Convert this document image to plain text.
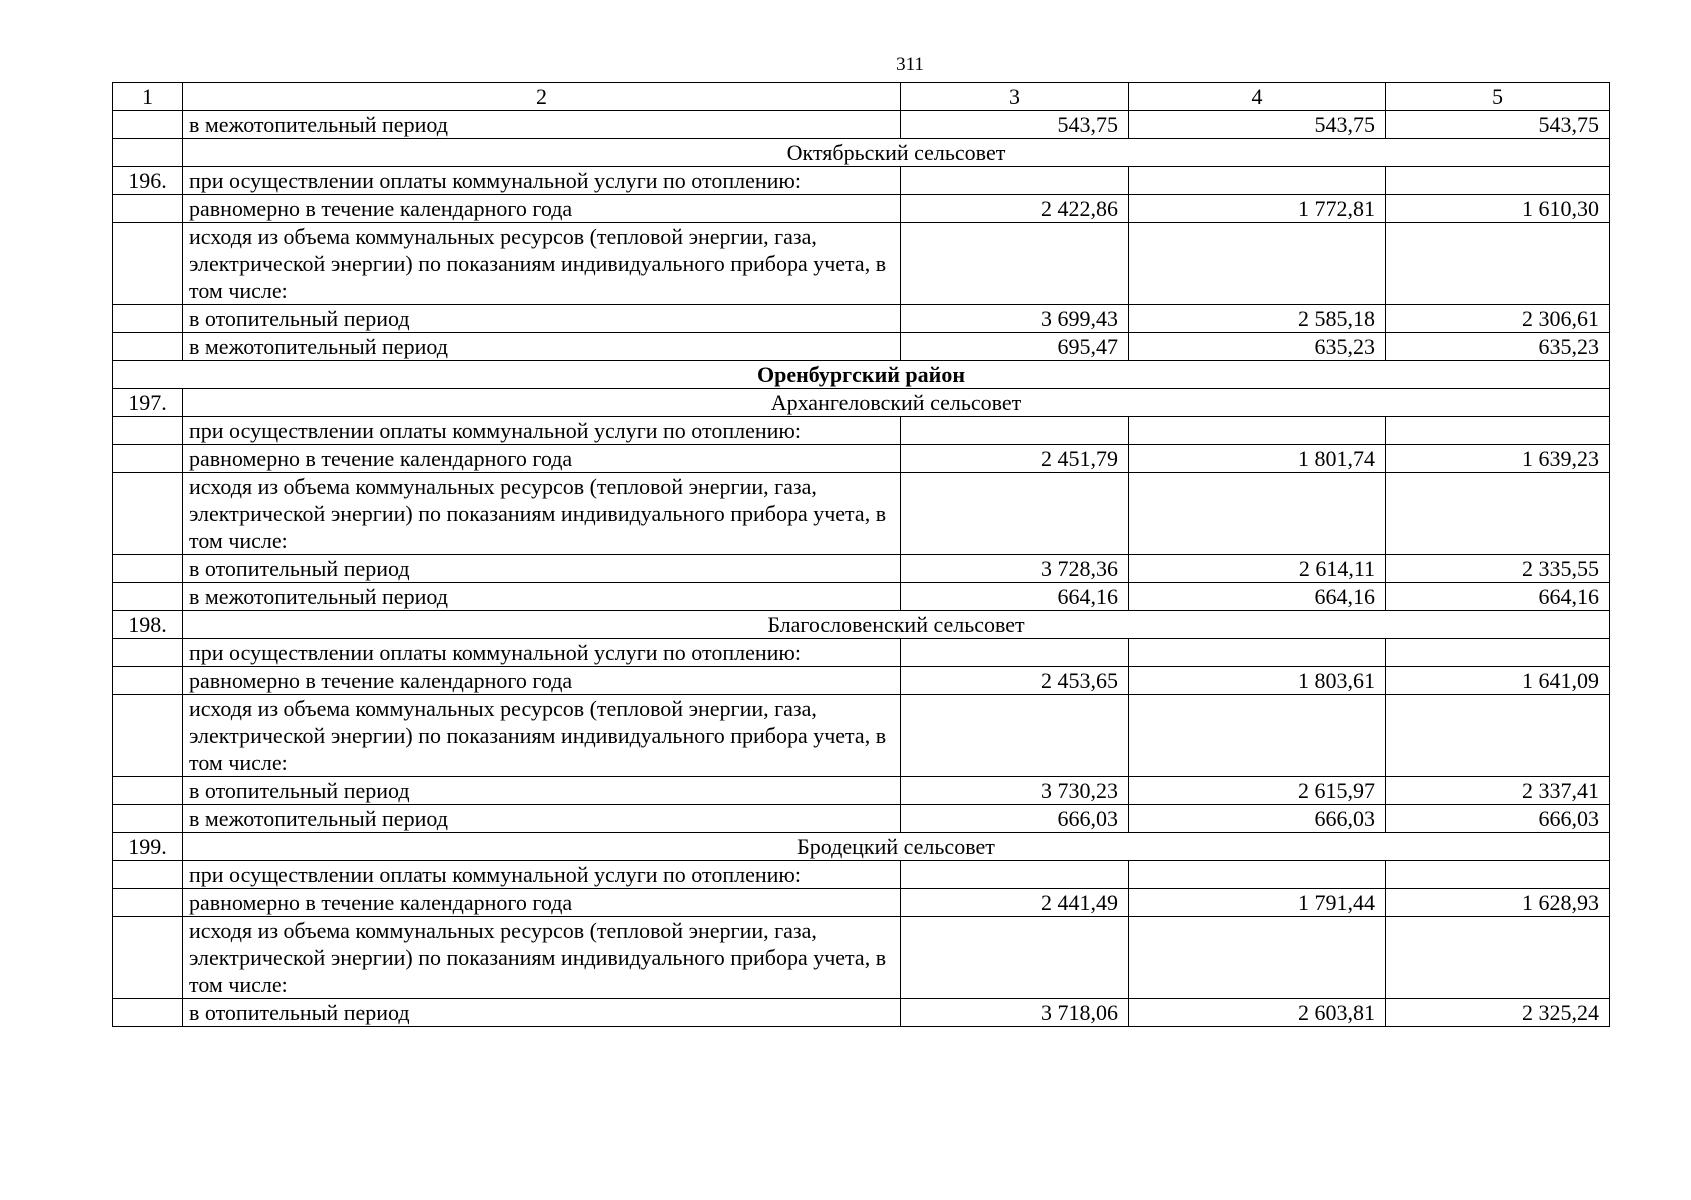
311
1	2	3	4	5
	в межотопительный период	543,75	543,75	543,75
	Октябрьский сельсовет			
196.	при осуществлении оплаты коммунальной услуги по отоплению:			
	равномерно в течение календарного года	2 422,86	1 772,81	1 610,30
	исходя из объема коммунальных ресурсов (тепловой энергии, газа, электрической энергии) по показаниям индивидуального прибора учета, в том числе:			
	в отопительный период	3 699,43	2 585,18	2 306,61
	в межотопительный период	695,47	635,23	635,23
Оренбургский район				
197.	Архангеловский сельсовет			
	при осуществлении оплаты коммунальной услуги по отоплению:			
	равномерно в течение календарного года	2 451,79	1 801,74	1 639,23
	исходя из объема коммунальных ресурсов (тепловой энергии, газа, электрической энергии) по показаниям индивидуального прибора учета, в том числе:			
	в отопительный период	3 728,36	2 614,11	2 335,55
	в межотопительный период	664,16	664,16	664,16
198.	Благословенский сельсовет			
	при осуществлении оплаты коммунальной услуги по отоплению:			
	равномерно в течение календарного года	2 453,65	1 803,61	1 641,09
	исходя из объема коммунальных ресурсов (тепловой энергии, газа, электрической энергии) по показаниям индивидуального прибора учета, в том числе:			
	в отопительный период	3 730,23	2 615,97	2 337,41
	в межотопительный период	666,03	666,03	666,03
199.	Бродецкий сельсовет			
	при осуществлении оплаты коммунальной услуги по отоплению:			
	равномерно в течение календарного года	2 441,49	1 791,44	1 628,93
	исходя из объема коммунальных ресурсов (тепловой энергии, газа, электрической энергии) по показаниям индивидуального прибора учета, в том числе:			
	в отопительный период	3 718,06	2 603,81	2 325,24
